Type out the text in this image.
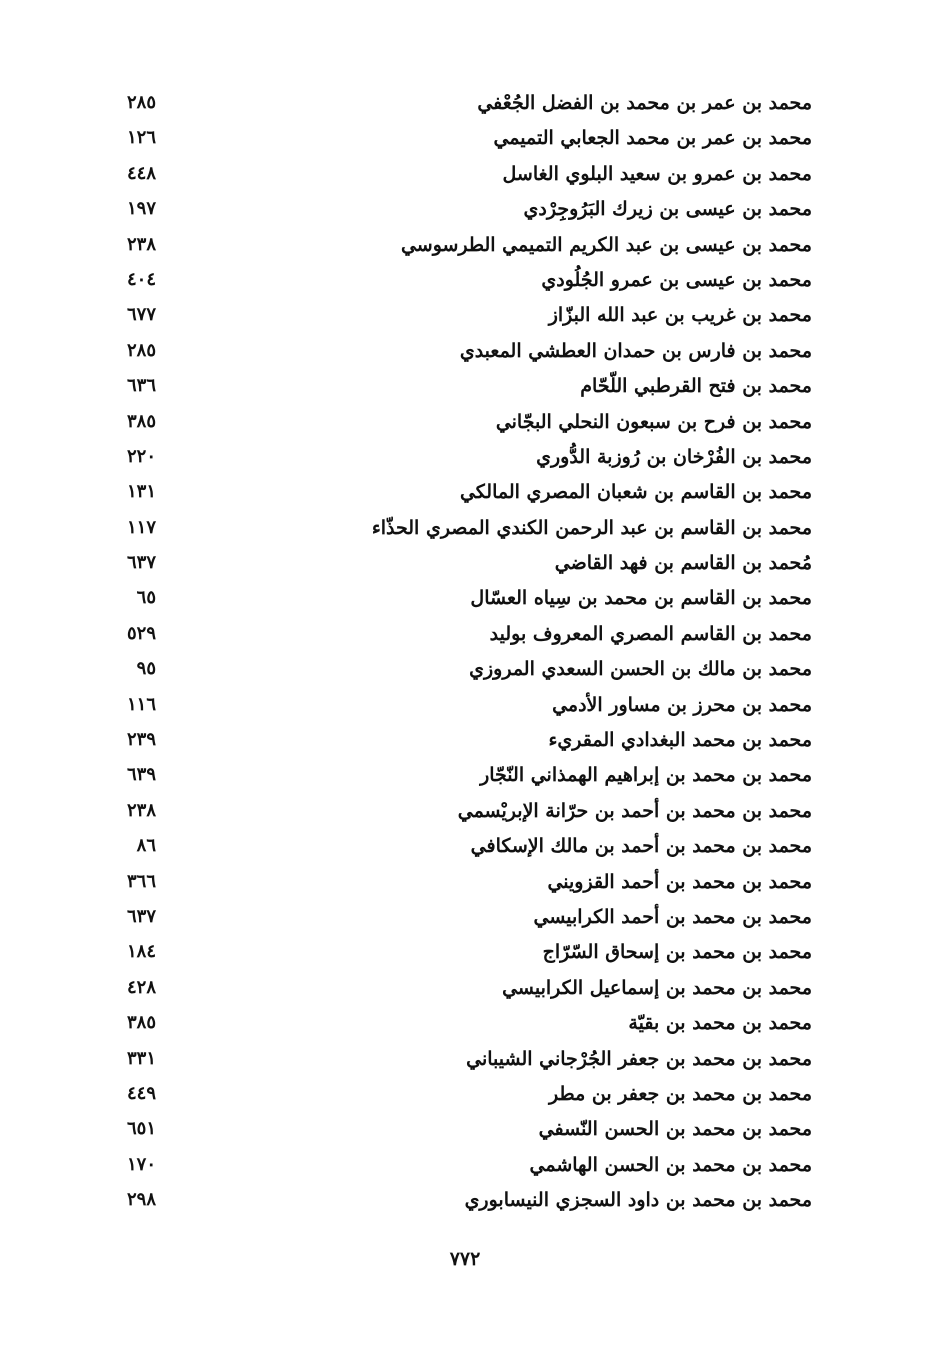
محمد بن عمر بن محمد بن الفضل الجُعْفي
٢٨٥
محمد بن عمر بن محمد الجعابي التميمي
١٢٦
محمد بن عمرو بن سعيد البلوي الغاسل
٤٤٨
محمد بن عيسى بن زيرك البَرُوجِرْدي
١٩٧
محمد بن عيسى بن عبد الكريم التميمي الطرسوسي
٢٣٨
محمد بن عيسى بن عمرو الجُلُودي
٤٠٤
محمد بن غريب بن عبد الله البزّاز
٦٧٧
محمد بن فارس بن حمدان العطشي المعبدي
٢٨٥
محمد بن فتح القرطبي اللّحّام
٦٣٦
محمد بن فرح بن سبعون النحلي البجّاني
٣٨٥
محمد بن الفُرْخان بن رُوزبة الدُّوري
٢٢٠
محمد بن القاسم بن شعبان المصري المالكي
١٣١
محمد بن القاسم بن عبد الرحمن الكندي المصري الحذّاء
١١٧
مُحمد بن القاسم بن فهد القاضي
٦٣٧
محمد بن القاسم بن محمد بن سِياه العسّال
٦٥
محمد بن القاسم المصري المعروف بوليد
٥٢٩
محمد بن مالك بن الحسن السعدي المروزي
٩٥
محمد بن محرز بن مساور الأدمي
١١٦
محمد بن محمد البغدادي المقريء
٢٣٩
محمد بن محمد بن إبراهيم الهمذاني النّجّار
٦٣٩
محمد بن محمد بن أحمد بن حرّانة الإبريْسمي
٢٣٨
محمد بن محمد بن أحمد بن مالك الإسكافي
٨٦
محمد بن محمد بن أحمد القزويني
٣٦٦
محمد بن محمد بن أحمد الكرابيسي
٦٣٧
محمد بن محمد بن إسحاق السّرّاج
١٨٤
محمد بن محمد بن إسماعيل الكرابيسي
٤٢٨
محمد بن محمد بن بقيّة
٣٨٥
محمد بن محمد بن جعفر الجُرْجاني الشيباني
٣٣١
محمد بن محمد بن جعفر بن مطر
٤٤٩
محمد بن محمد بن الحسن النّسفي
٦٥١
محمد بن محمد بن الحسن الهاشمي
١٧٠
محمد بن محمد بن داود السجزي النيسابوري
٢٩٨
٧٧٢
